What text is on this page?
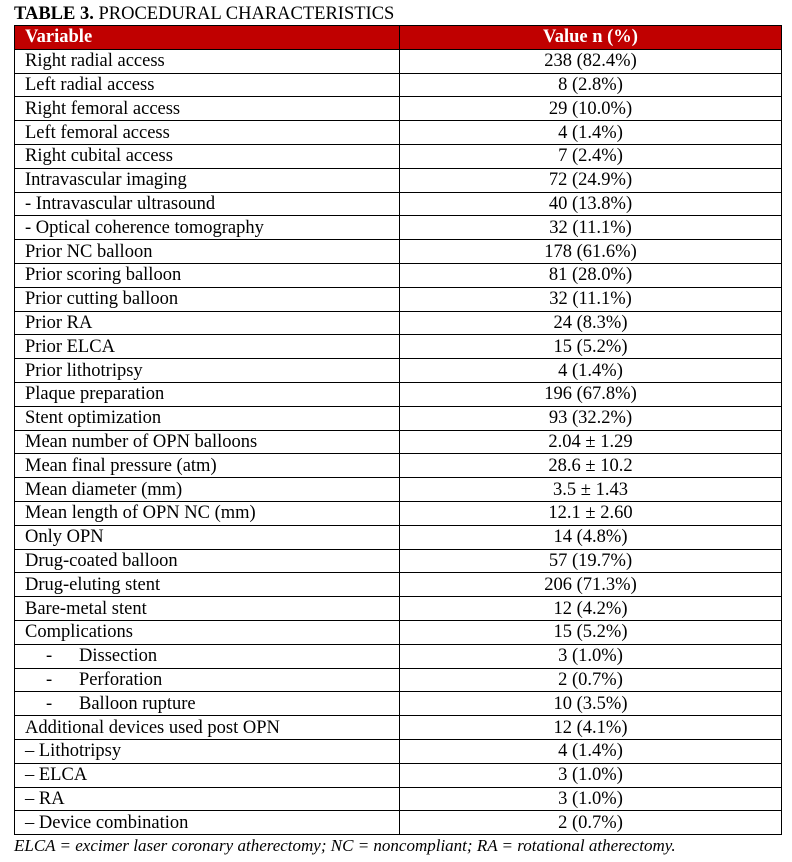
TABLE 3. PROCEDURAL CHARACTERISTICS
Variable	Value n (%)
Right radial access	238 (82.4%)
Left radial access	8 (2.8%)
Right femoral access	29 (10.0%)
Left femoral access	4 (1.4%)
Right cubital access	7 (2.4%)
Intravascular imaging	72 (24.9%)
- Intravascular ultrasound	40 (13.8%)
- Optical coherence tomography	32 (11.1%)
Prior NC balloon	178 (61.6%)
Prior scoring balloon	81 (28.0%)
Prior cutting balloon	32 (11.1%)
Prior RA	24 (8.3%)
Prior ELCA	15 (5.2%)
Prior lithotripsy	4 (1.4%)
Plaque preparation	196 (67.8%)
Stent optimization	93 (32.2%)
Mean number of OPN balloons	2.04 ± 1.29
Mean final pressure (atm)	28.6 ± 10.2
Mean diameter (mm)	3.5 ± 1.43
Mean length of OPN NC (mm)	12.1 ± 2.60
Only OPN	14 (4.8%)
Drug-coated balloon	57 (19.7%)
Drug-eluting stent	206 (71.3%)
Bare-metal stent	12 (4.2%)
Complications	15 (5.2%)
- Dissection	3 (1.0%)
- Perforation	2 (0.7%)
- Balloon rupture	10 (3.5%)
Additional devices used post OPN	12 (4.1%)
– Lithotripsy	4 (1.4%)
– ELCA	3 (1.0%)
– RA	3 (1.0%)
– Device combination	2 (0.7%)
ELCA = excimer laser coronary atherectomy; NC = noncompliant; RA = rotational atherectomy.
